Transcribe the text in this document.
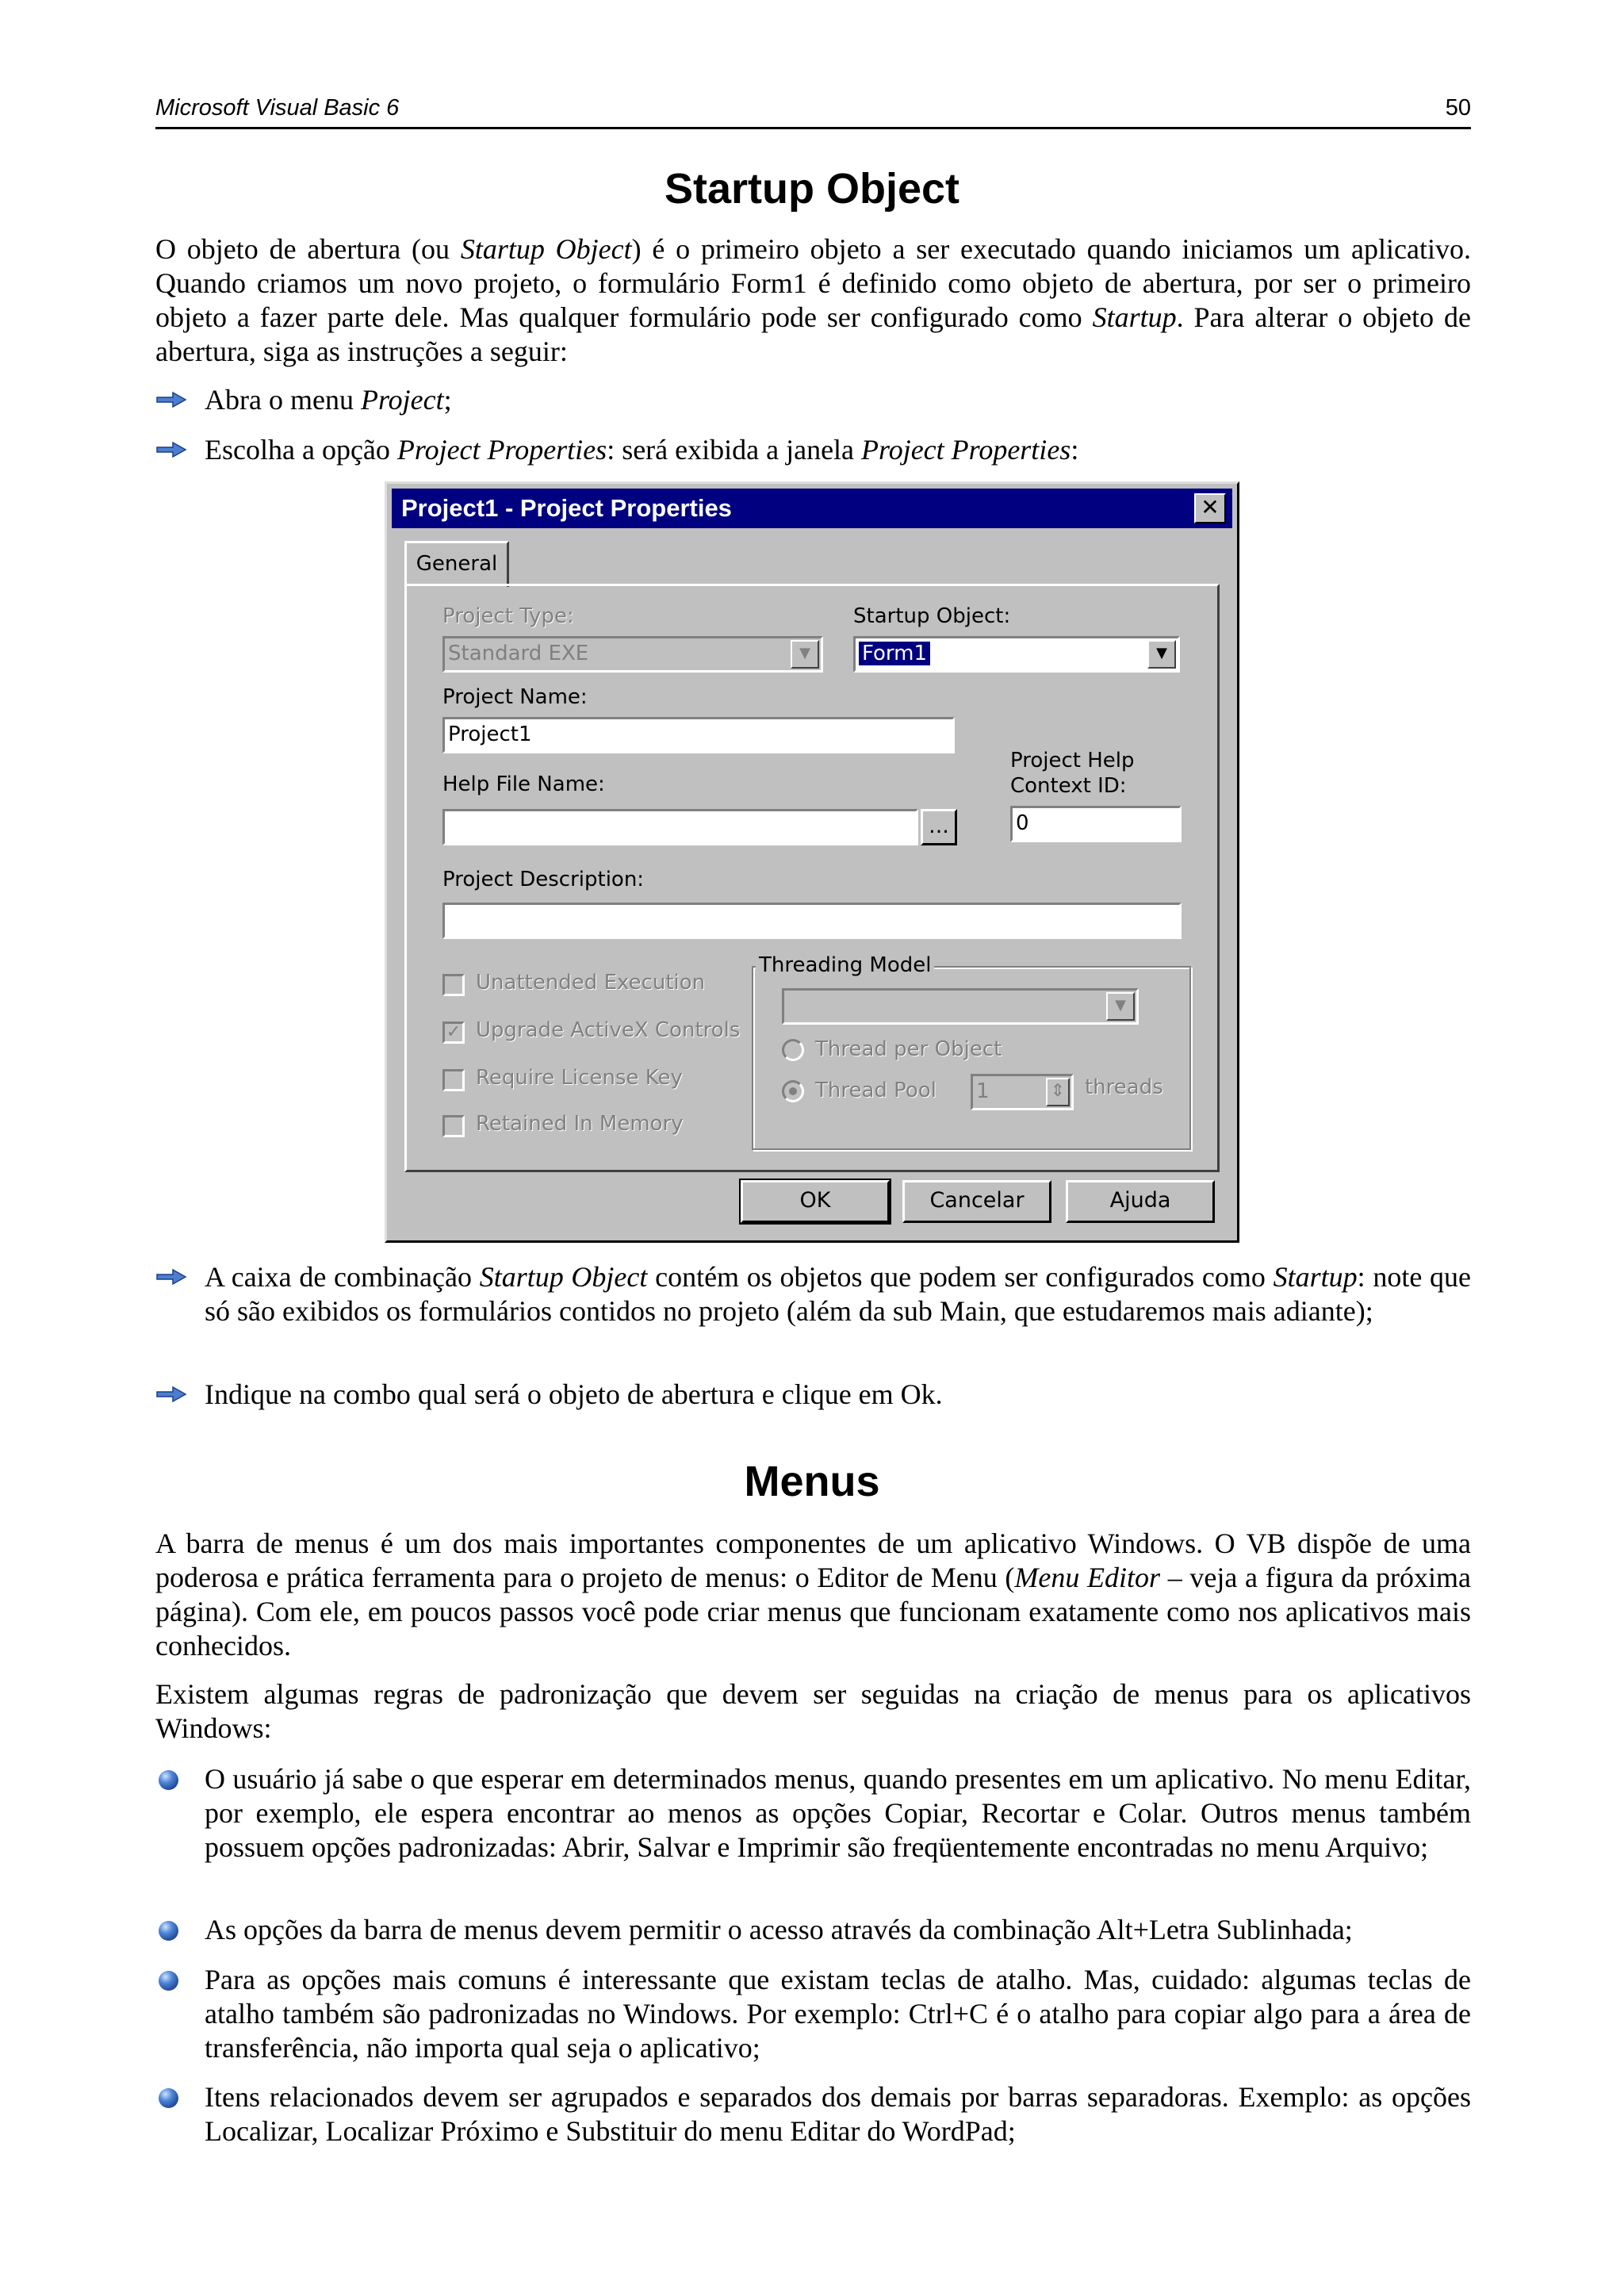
Microsoft Visual Basic 6	50
Startup Object
O objeto de abertura (ou Startup Object) é o primeiro objeto a ser executado quando iniciamos um aplicativo. Quando criamos um novo projeto, o formulário Form1 é definido como objeto de abertura, por ser o primeiro objeto a fazer parte dele. Mas qualquer formulário pode ser configurado como Startup. Para alterar o objeto de abertura, siga as instruções a seguir:
Abra o menu Project;
Escolha a opção Project Properties: será exibida a janela Project Properties:
Project1 - Project Properties	✕
General
Project Type:
Standard EXE	▼
Startup Object:
Form1	▼
Project Name:
Project1
Help File Name:
...
Project Help
Context ID:
0
Project Description:
Unattended Execution
✓ Upgrade ActiveX Controls
Require License Key
Retained In Memory
Threading Model
▼
Thread per Object
Thread Pool 1	⇕ threads
OK	Cancelar	Ajuda
A caixa de combinação Startup Object contém os objetos que podem ser configurados como Startup: note que só são exibidos os formulários contidos no projeto (além da sub Main, que estudaremos mais adiante);
Indique na combo qual será o objeto de abertura e clique em Ok.
Menus
A barra de menus é um dos mais importantes componentes de um aplicativo Windows. O VB dispõe de uma poderosa e prática ferramenta para o projeto de menus: o Editor de Menu (Menu Editor – veja a figura da próxima página). Com ele, em poucos passos você pode criar menus que funcionam exatamente como nos aplicativos mais conhecidos.
Existem algumas regras de padronização que devem ser seguidas na criação de menus para os aplicativos Windows:
O usuário já sabe o que esperar em determinados menus, quando presentes em um aplicativo. No menu Editar, por exemplo, ele espera encontrar ao menos as opções Copiar, Recortar e Colar. Outros menus também possuem opções padronizadas: Abrir, Salvar e Imprimir são freqüentemente encontradas no menu Arquivo;
As opções da barra de menus devem permitir o acesso através da combinação Alt+Letra Sublinhada;
Para as opções mais comuns é interessante que existam teclas de atalho. Mas, cuidado: algumas teclas de atalho também são padronizadas no Windows. Por exemplo: Ctrl+C é o atalho para copiar algo para a área de transferência, não importa qual seja o aplicativo;
Itens relacionados devem ser agrupados e separados dos demais por barras separadoras. Exemplo: as opções Localizar, Localizar Próximo e Substituir do menu Editar do WordPad;
